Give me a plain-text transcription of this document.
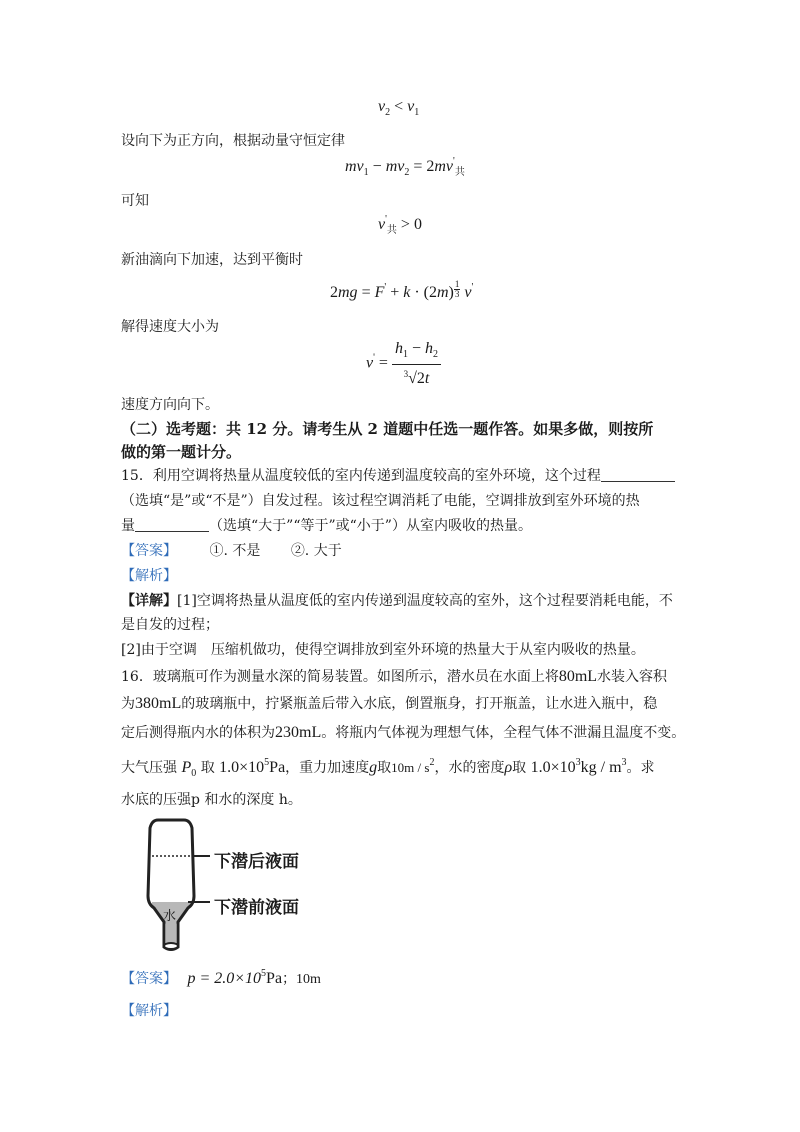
$v_2 < v_1$
设向下为正方向，根据动量守恒定律
$mv_1 - mv_2 = 2mv'_共$
可知
$v'_共 > 0$
新油滴向下加速，达到平衡时
$2mg = F' + k \cdot (2m) \frac{1}{3} v'$
解得速度大小为
$v' = \frac{h_1 - h_2}{^3√2t}$
速度方向向下。
（二）选考题：共 12 分。请考生从 2 道题中任选一题作答。如果多做，则按所
做的第一题计分。
15．利用空调将热量从温度较低的室内传递到温度较高的室外环境，这个过程
（选填“是”或“不是”）自发过程。该过程空调消耗了电能，空调排放到室外环境的热
量	（选填“大于”“等于”或“小于”）从室内吸收的热量。
【答案】 ①. 不是 ②. 大于
【解析】
【详解】[1]空调将热量从温度低的室内传递到温度较高的室外，这个过程要消耗电能，不
是自发的过程；
[2]由于空调　压缩机做功，使得空调排放到室外环境的热量大于从室内吸收的热量。
16．玻璃瓶可作为测量水深的简易装置。如图所示，潜水员在水面上将80mL水装入容积
为380mL的玻璃瓶中，拧紧瓶盖后带入水底，倒置瓶身，打开瓶盖，让水进入瓶中，稳
定后测得瓶内水的体积为230mL。将瓶内气体视为理想气体，全程气体不泄漏且温度不变。
大气压强 $P_0$ 取 $1.0\times 10^5Pa$，重力加速度g取$10m / s^2$，水的密度ρ取 $1.0\times 10^3kg / m^3$。求
水底的压强p 和水的深度 h。
下潜后液面
下潜前液面
水
【答案】 $p = 2.0\times 10^5Pa$；10m
【解析】
